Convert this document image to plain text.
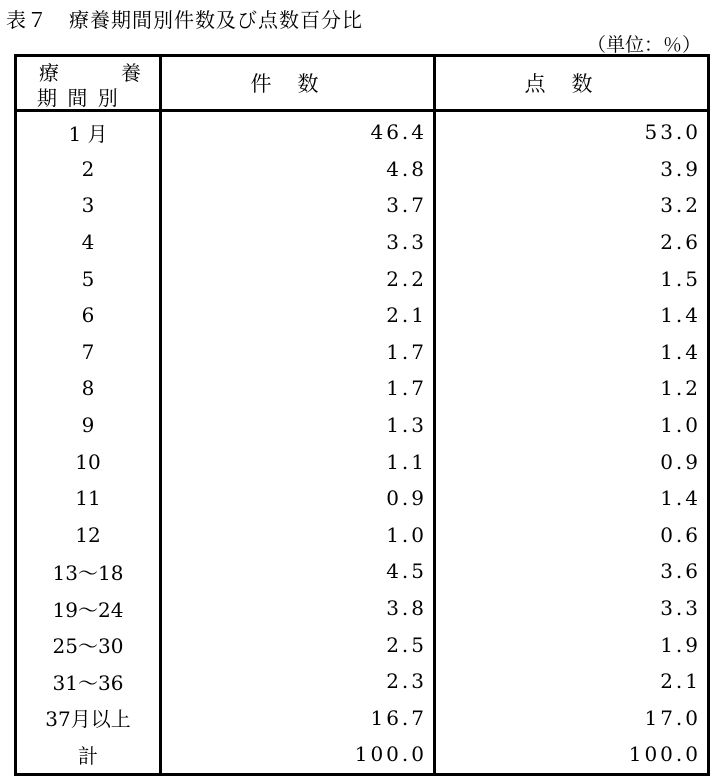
表７　療養期間別件数及び点数百分比
（単位：％）
療 養
期 間 別	件数	点数
1 月	46.4	53.0
2	4.8	3.9
3	3.7	3.2
4	3.3	2.6
5	2.2	1.5
6	2.1	1.4
7	1.7	1.4
8	1.7	1.2
9	1.3	1.0
10	1.1	0.9
11	0.9	1.4
12	1.0	0.6
13～18	4.5	3.6
19～24	3.8	3.3
25～30	2.5	1.9
31～36	2.3	2.1
37月以上	16.7	17.0
計	100.0	100.0
